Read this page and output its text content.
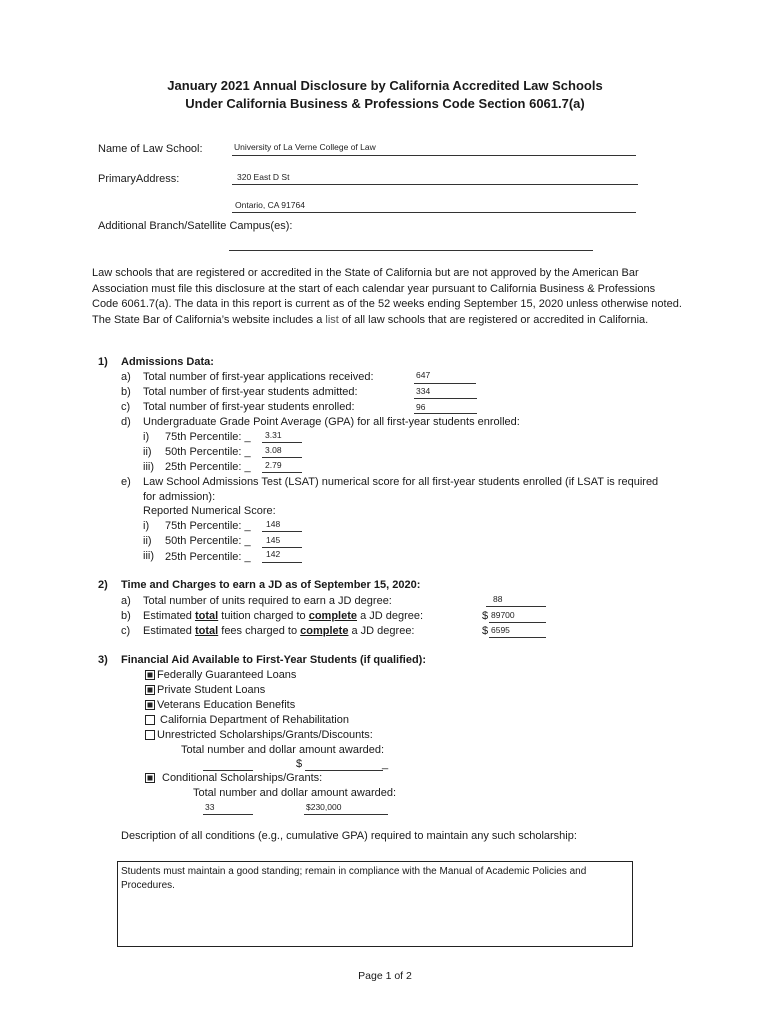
January 2021 Annual Disclosure by California Accredited Law Schools
Under California Business & Professions Code Section 6061.7(a)
Name of Law School:	University of La Verne College of Law
PrimaryAddress:	320 East D St
Ontario, CA 91764
Additional Branch/Satellite Campus(es):
Law schools that are registered or accredited in the State of California but are not approved by the American Bar Association must file this disclosure at the start of each calendar year pursuant to California Business & Professions Code 6061.7(a). The data in this report is current as of the 52 weeks ending September 15, 2020 unless otherwise noted. The State Bar of California’s website includes a list of all law schools that are registered or accredited in California.
1) Admissions Data:
a) Total number of first-year applications received:	647
b) Total number of first-year students admitted:	334
c) Total number of first-year students enrolled:	96
d) Undergraduate Grade Point Average (GPA) for all first-year students enrolled:
i) 75th Percentile: _ 3.31
ii) 50th Percentile: _ 3.08
iii) 25th Percentile: _ 2.79
e) Law School Admissions Test (LSAT) numerical score for all first-year students enrolled (if LSAT is required
for admission):
Reported Numerical Score:
i) 75th Percentile: _ 148
ii) 50th Percentile: _ 145
iii) 25th Percentile: _ 142
2) Time and Charges to earn a JD as of September 15, 2020:
a) Total number of units required to earn a JD degree:	88
b) Estimated total tuition charged to complete a JD degree:	$ 89700
c) Estimated total fees charged to complete a JD degree:	$ 6595
3) Financial Aid Available to First-Year Students (if qualified):
Federally Guaranteed Loans
Private Student Loans
Veterans Education Benefits
California Department of Rehabilitation
Unrestricted Scholarships/Grants/Discounts:
Total number and dollar amount awarded:
$	_
Conditional Scholarships/Grants:
Total number and dollar amount awarded:
33	$230,000
Description of all conditions (e.g., cumulative GPA) required to maintain any such scholarship:
Students must maintain a good standing; remain in compliance with the Manual of Academic Policies and Procedures.
Page 1 of 2
